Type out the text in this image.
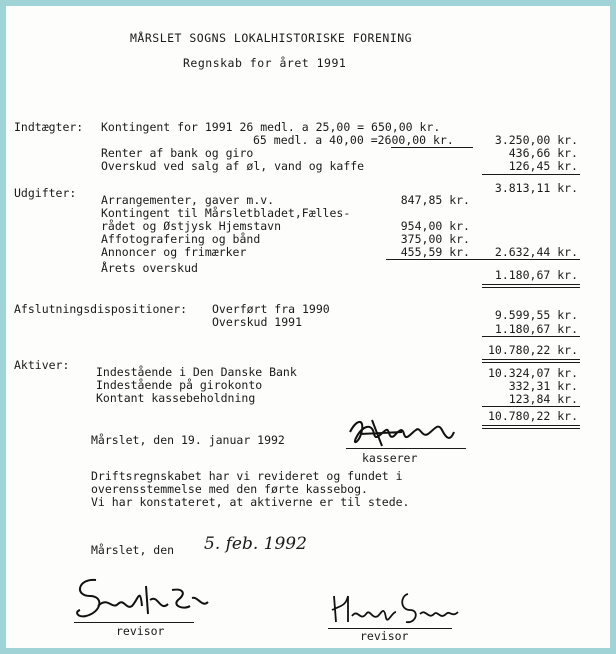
MÅRSLET SOGNS LOKALHISTORISKE FORENING
Regnskab for året 1991
Indtægter: Kontingent for 1991 26 medl. a 25,00 = 650,00 kr.
65 medl. a 40,00 =2600,00 kr.	3.250,00 kr.
Renter af bank og giro	436,66 kr.
Overskud ved salg af øl, vand og kaffe	126,45 kr.
3.813,11 kr.
Udgifter: Arrangementer, gaver m.v.	847,85 kr.
Kontingent til Mårsletbladet,Fælles-
rådet og Østjysk Hjemstavn	954,00 kr.
Affotografering og bånd	375,00 kr.
Annoncer og frimærker	455,59 kr.	2.632,44 kr.
Årets overskud	1.180,67 kr.
Afslutningsdispositioner: Overført fra 1990	9.599,55 kr.
Overskud 1991	1.180,67 kr.
10.780,22 kr.
Aktiver: Indestående i Den Danske Bank	10.324,07 kr.
Indestående på girokonto	332,31 kr.
Kontant kassebeholdning	123,84 kr.
10.780,22 kr.
Mårslet, den 19. januar 1992
kasserer
Driftsregnskabet har vi revideret og fundet i
overensstemmelse med den førte kassebog.
Vi har konstateret, at aktiverne er til stede.
Mårslet, den 5. feb. 1992
revisor	revisor
